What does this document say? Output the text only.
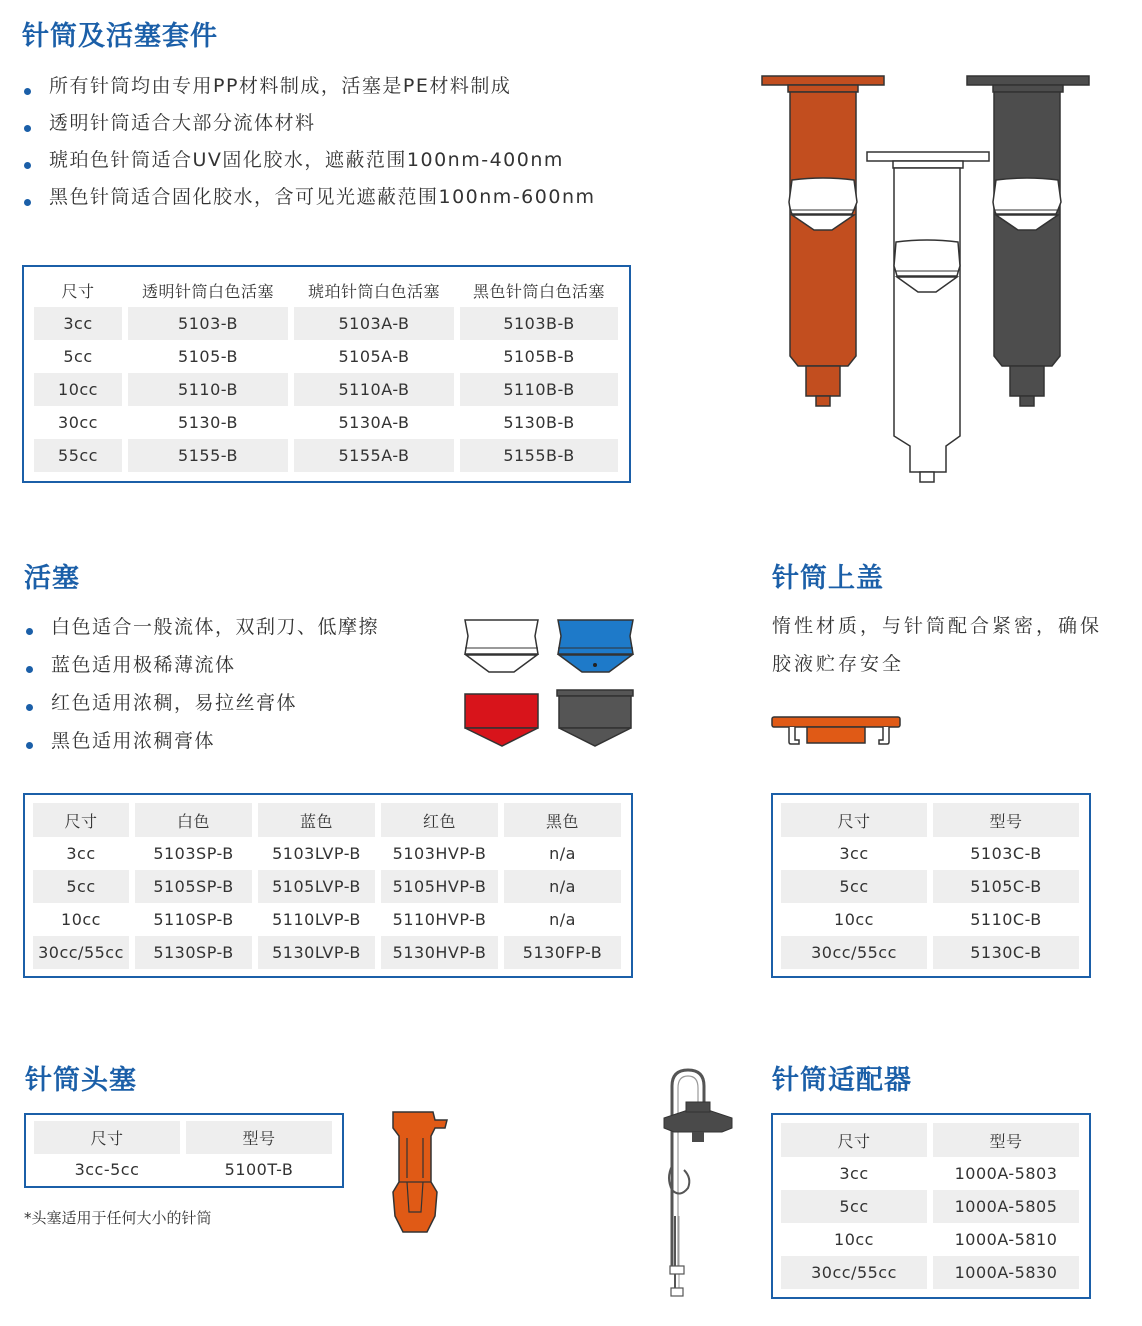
针筒及活塞套件
所有针筒均由专用PP材料制成，活塞是PE材料制成
透明针筒适合大部分流体材料
琥珀色针筒适合UV固化胶水，遮蔽范围100nm-400nm
黑色针筒适合固化胶水，含可见光遮蔽范围100nm-600nm
尺寸	透明针筒白色活塞	琥珀针筒白色活塞	黑色针筒白色活塞
3cc	5103-B	5103A-B	5103B-B
5cc	5105-B	5105A-B	5105B-B
10cc	5110-B	5110A-B	5110B-B
30cc	5130-B	5130A-B	5130B-B
55cc	5155-B	5155A-B	5155B-B
活塞
白色适合一般流体，双刮刀、低摩擦
蓝色适用极稀薄流体
红色适用浓稠，易拉丝膏体
黑色适用浓稠膏体
尺寸	白色	蓝色	红色	黑色
3cc	5103SP-B	5103LVP-B	5103HVP-B	n/a
5cc	5105SP-B	5105LVP-B	5105HVP-B	n/a
10cc	5110SP-B	5110LVP-B	5110HVP-B	n/a
30cc/55cc	5130SP-B	5130LVP-B	5130HVP-B	5130FP-B
针筒上盖
惰性材质，与针筒配合紧密，确保胶液贮存安全
尺寸	型号
3cc	5103C-B
5cc	5105C-B
10cc	5110C-B
30cc/55cc	5130C-B
针筒头塞
尺寸	型号
3cc-5cc	5100T-B
*头塞适用于任何大小的针筒
针筒适配器
尺寸	型号
3cc	1000A-5803
5cc	1000A-5805
10cc	1000A-5810
30cc/55cc	1000A-5830
